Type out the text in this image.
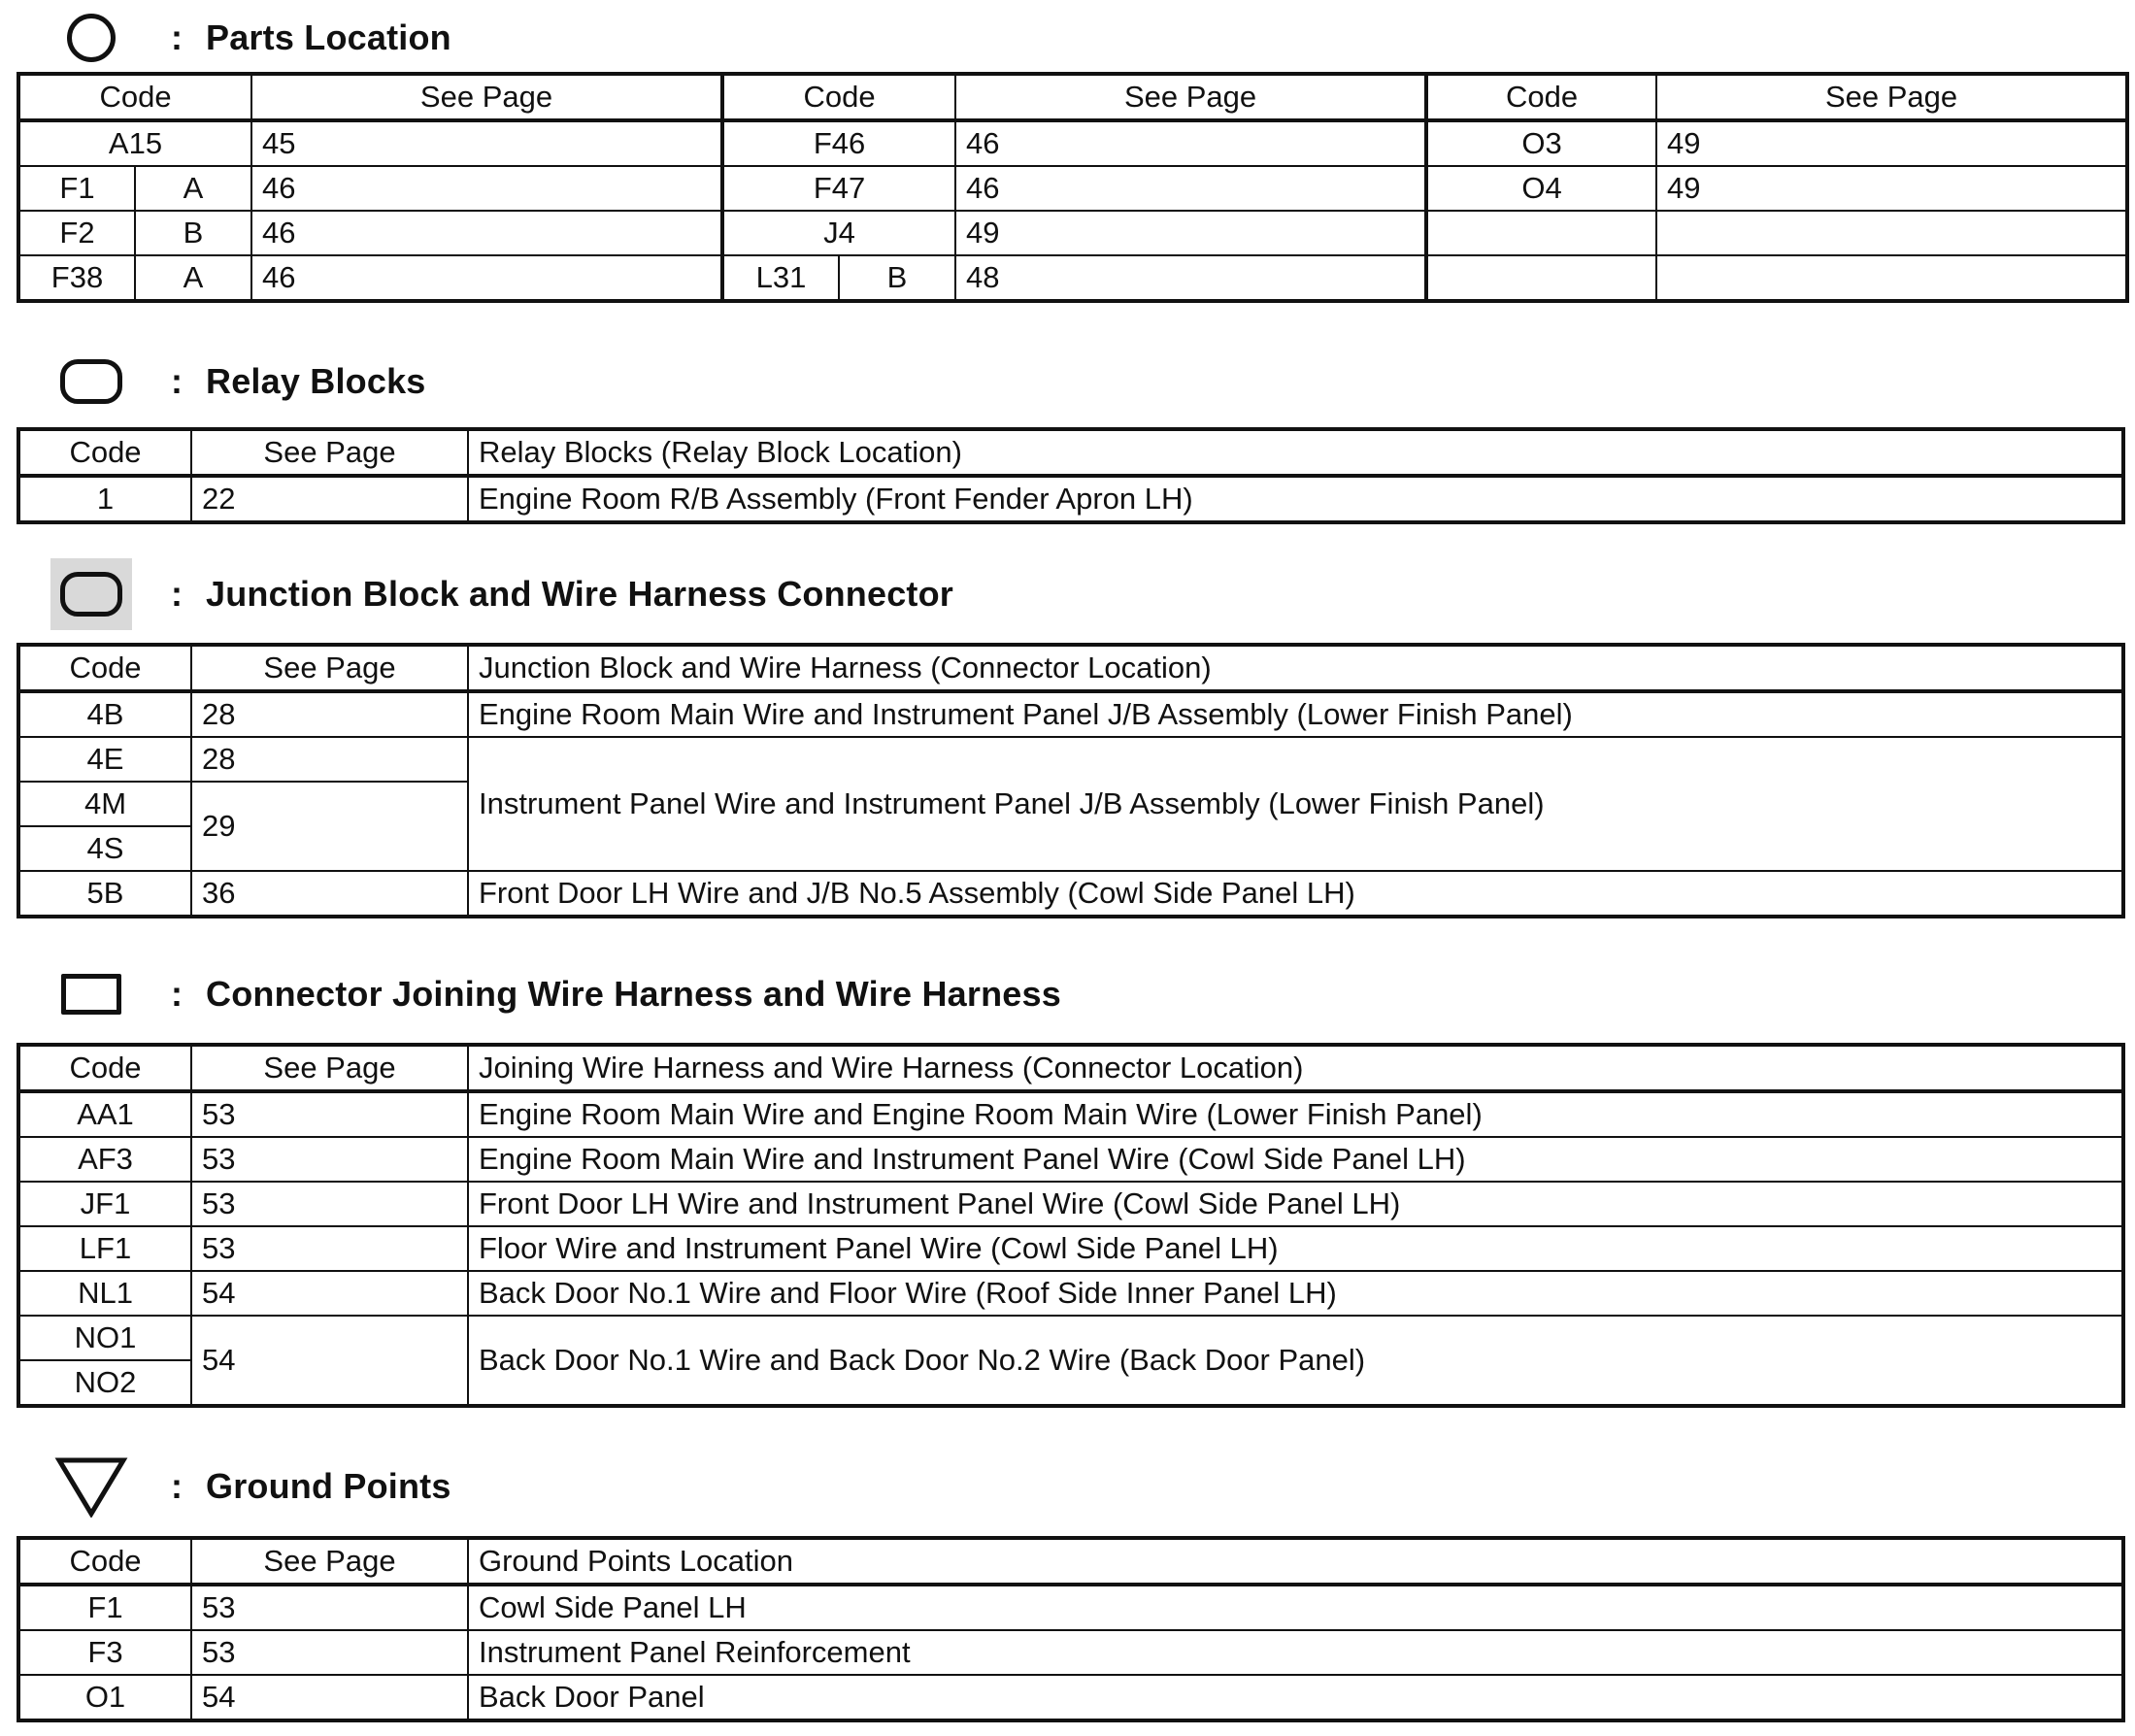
: Parts Location
Code		See Page	Code		See Page	Code	See Page
A15		45	F46		46	O3	49
F1	A	46	F47		46	O4	49
F2	B	46	J4		49		
F38	A	46	L31	B	48		
: Relay Blocks
Code	See Page	Relay Blocks (Relay Block Location)
1	22	Engine Room R/B Assembly (Front Fender Apron LH)
: Junction Block and Wire Harness Connector
Code	See Page	Junction Block and Wire Harness (Connector Location)
4B	28	Engine Room Main Wire and Instrument Panel J/B Assembly (Lower Finish Panel)
4E	28	Instrument Panel Wire and Instrument Panel J/B Assembly (Lower Finish Panel)
4M	29	
4S		
5B	36	Front Door LH Wire and J/B No.5 Assembly (Cowl Side Panel LH)
: Connector Joining Wire Harness and Wire Harness
Code	See Page	Joining Wire Harness and Wire Harness (Connector Location)
AA1	53	Engine Room Main Wire and Engine Room Main Wire (Lower Finish Panel)
AF3	53	Engine Room Main Wire and Instrument Panel Wire (Cowl Side Panel LH)
JF1	53	Front Door LH Wire and Instrument Panel Wire (Cowl Side Panel LH)
LF1	53	Floor Wire and Instrument Panel Wire (Cowl Side Panel LH)
NL1	54	Back Door No.1 Wire and Floor Wire (Roof Side Inner Panel LH)
NO1	54	Back Door No.1 Wire and Back Door No.2 Wire (Back Door Panel)
NO2		
: Ground Points
Code	See Page	Ground Points Location
F1	53	Cowl Side Panel LH
F3	53	Instrument Panel Reinforcement
O1	54	Back Door Panel
